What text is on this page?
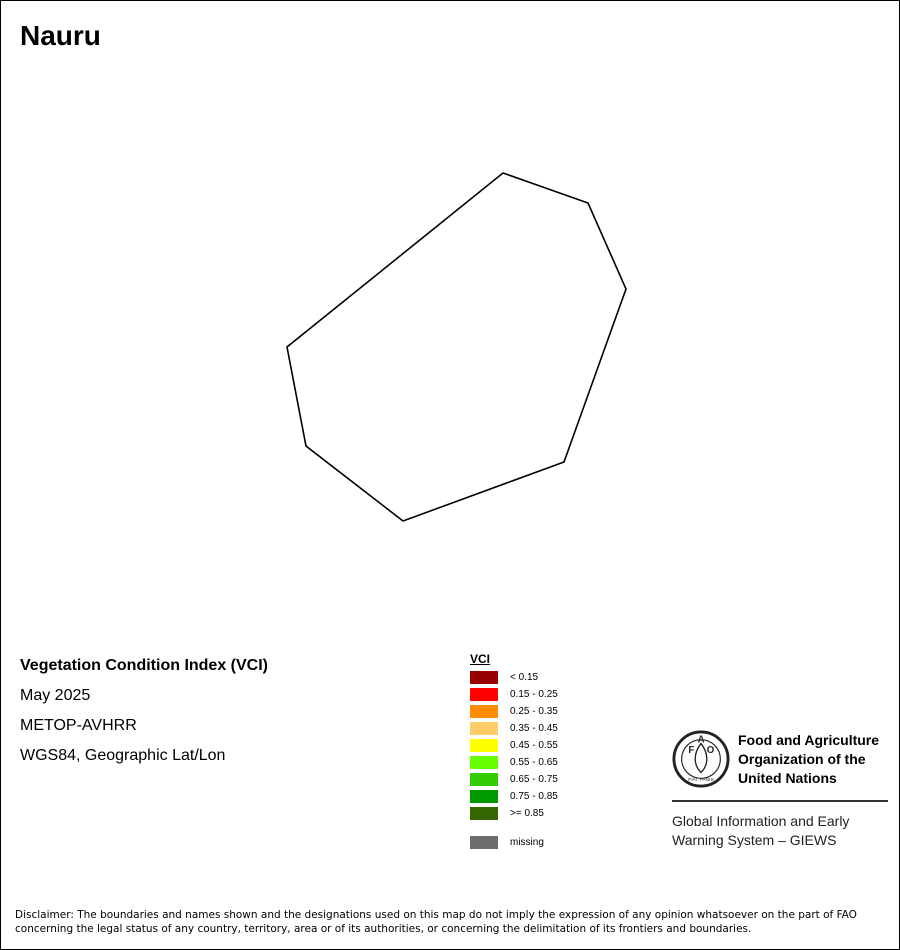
Nauru
Vegetation Condition Index (VCI)
May 2025
METOP-AVHRR
WGS84, Geographic Lat/Lon
VCI
< 0.15
0.15 - 0.25
0.25 - 0.35
0.35 - 0.45
0.45 - 0.55
0.55 - 0.65
0.65 - 0.75
0.75 - 0.85
>= 0.85
missing
F
A
O
FIAT PANIS
Food and Agriculture
Organization of the
United Nations
Global Information and Early
Warning System – GIEWS
Disclaimer: The boundaries and names shown and the designations used on this map do not imply the expression of any opinion whatsoever on the part of FAO
concerning the legal status of any country, territory, area or of its authorities, or concerning the delimitation of its frontiers and boundaries.
